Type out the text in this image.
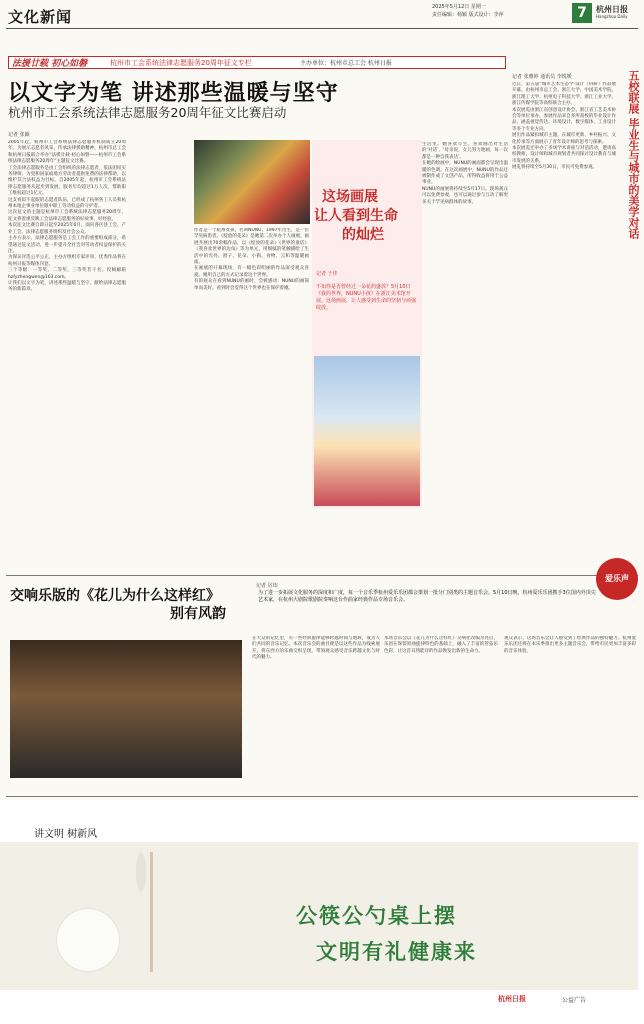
文化新闻
2025年5月12日 星期一
责任编辑：杨颖 版式设计：李萍	7	杭州日报
Hangzhou Daily
法援廿载 初心如磐	杭州市工会系统法律志愿服务20周年征文专栏	主办单位：杭州市总工会 杭州日报
以文字为笔 讲述那些温暖与坚守
杭州市工会系统法律志愿服务20周年征文比赛启动
记者 张颖

2005年起，杭州市工会系统法律志愿服务机制成立20周年。为展示志愿者风采，传承法律援助精神，杭州市总工会和杭州日报联合举办“法援廿载·初心如磐——杭州市工会系统法律志愿服务20周年”主题征文比赛。

工会法律志愿服务是由工会组织的法律志愿者，依法团结实务律师，为党和国家或地方劳动者提供免费的法律帮助，以维护其合法权益为目标。自2005年起，杭州市工会系统法律志愿服务从起步到发展，服务年均超过1万人次，帮助职工维权超过1亿元。

这支看似不起眼的志愿者队伍，已经成了杭州各工人员和杭州本地企事业单位眼中职工劳动权益的守护者。

这次征文的主题是杭州市工会系统法律志愿服务20周年，征文将着重反映工会法律志愿服务的好故事、好经验。

本次征文比赛自即日起至2025年6月，面向各区县工会、产业工会、法律志愿服务组织及社会公众。

主办方表示，法律志愿服务是工会工作的重要组成部分，希望通过征文活动，进一步提升全社会对劳动者权益保护的关注。

为保证评选公平公正，主办方组织专家评审，优秀作品将在杭州日报等媒体刊登。

三个等级：一等奖、二等奖、三等奖若干名。投稿邮箱hzfyzhengwen@163.com。

让我们以文字为笔，讲述那些温暖与坚守，献给法律志愿服务的新篇章。

作者是一个杭州女孩，名叫NUNU，1997年出生，是一位罕见病患者。《绽放的花朵》是她第二次举办个人画展。画展共展出70余幅作品，以《绽放的花朵》《世界的童话》《我喜欢世界的边角》等为单元，用细腻的笔触描绘了生活中的光亮、窗子、花朵、小狗、食物、云和等温暖画面。

在画展的开幕现场，有一幅色彩明丽的作品深受观众喜爱。她用自己的方式记录着这个世界。

有的观众在看到NUNU的画时，会被感动：NUNU的画简单而美好。看到时会觉得这个世界也在保护着她。

这场画展
让人看到生命
的灿烂
记者 于佳
不知你是否曾经过一朵花的盛放？5月10日《我的世界，NUNU小孩》在浙江美术馆开展。这场画展，让人感受到生命的坚韧与顽强绽放。

生活里。她喜欢写生，喜欢画出对生活的‘对话’，‘母亲说，女儿努力地画，每一次都是一种自我表达’。

在她的绘画中，NUNU的画面都会呈现出温暖的色调。在这次画展中，NUNU的作品还被制作成了文创产品，所得收益将用于公益事业。

NUNU的画展将持续至5月17日。现场观众可以免费参观，也可以通过参与互动了解更多关于罕见病群体的故事。

记者 张雅婷 通讯员 李锐媛	五校联展 毕业生与城市的美学对话

近日，第五届“城市艺术生态学·设计（科研）作品展开幕。由杭州市总工会、浙江大学、中国美术学院、浙江理工大学、杭州电子科技大学、浙江工业大学、浙江传媒学院等高校联合主办。

本次展览由浙江省创意设计协会、浙江省工艺美术协会等单位承办。参展作品来自多所高校的毕业设计作品，涵盖视觉传达、环境设计、数字媒体、工业设计等多个专业方向。

展出作品紧扣城市主题，在城市更新、乡村振兴、文化传承等方面展示了青年设计师的思考与探索。

本次展览还举办了多场学术讲座与对话活动，邀请高校教师、设计师和城市规划者共同探讨设计教育与城市发展的关系。

展览将持续至5月30日，市民可免费参观。

交响乐版的《花儿为什么这样红》
别有风韵
记者 厉玮
为了进一步拓展文化服务的深度和广度，每一个音乐季杭州爱乐乐团都会策划一批分门别类的主题音乐会。5月10日晚，杭州爱乐乐团携手3位国内外顶尖艺术家，在杭州大剧院歌剧院奏响这台作曲家经典作品专场音乐会。
爱乐声

在大众的记忆里，有一些经典旋律能够跨越时间与地域，成为人们共同的音乐记忆。本次音乐会的曲目便是以这些作品为线索展开，将东西方的乐曲交织呈现，带领观众感受音乐跨越文化与时代的魅力。

本场音乐会以《花儿为什么这样红》交响化改编为亮点，乐团在保留原曲旋律特色的基础上，融入了丰富的管弦乐色彩，让这首耳熟能详的作品焕发出新的生命力。

观众表示，这场音乐会让人感受到了经典作品的独特魅力。杭州爱乐乐团还将在本乐季推出更多主题音乐会，带给市民更加丰富多彩的音乐体验。

讲文明 树新风
公筷公勺桌上摆
文明有礼健康来
杭州日报	公益广告
